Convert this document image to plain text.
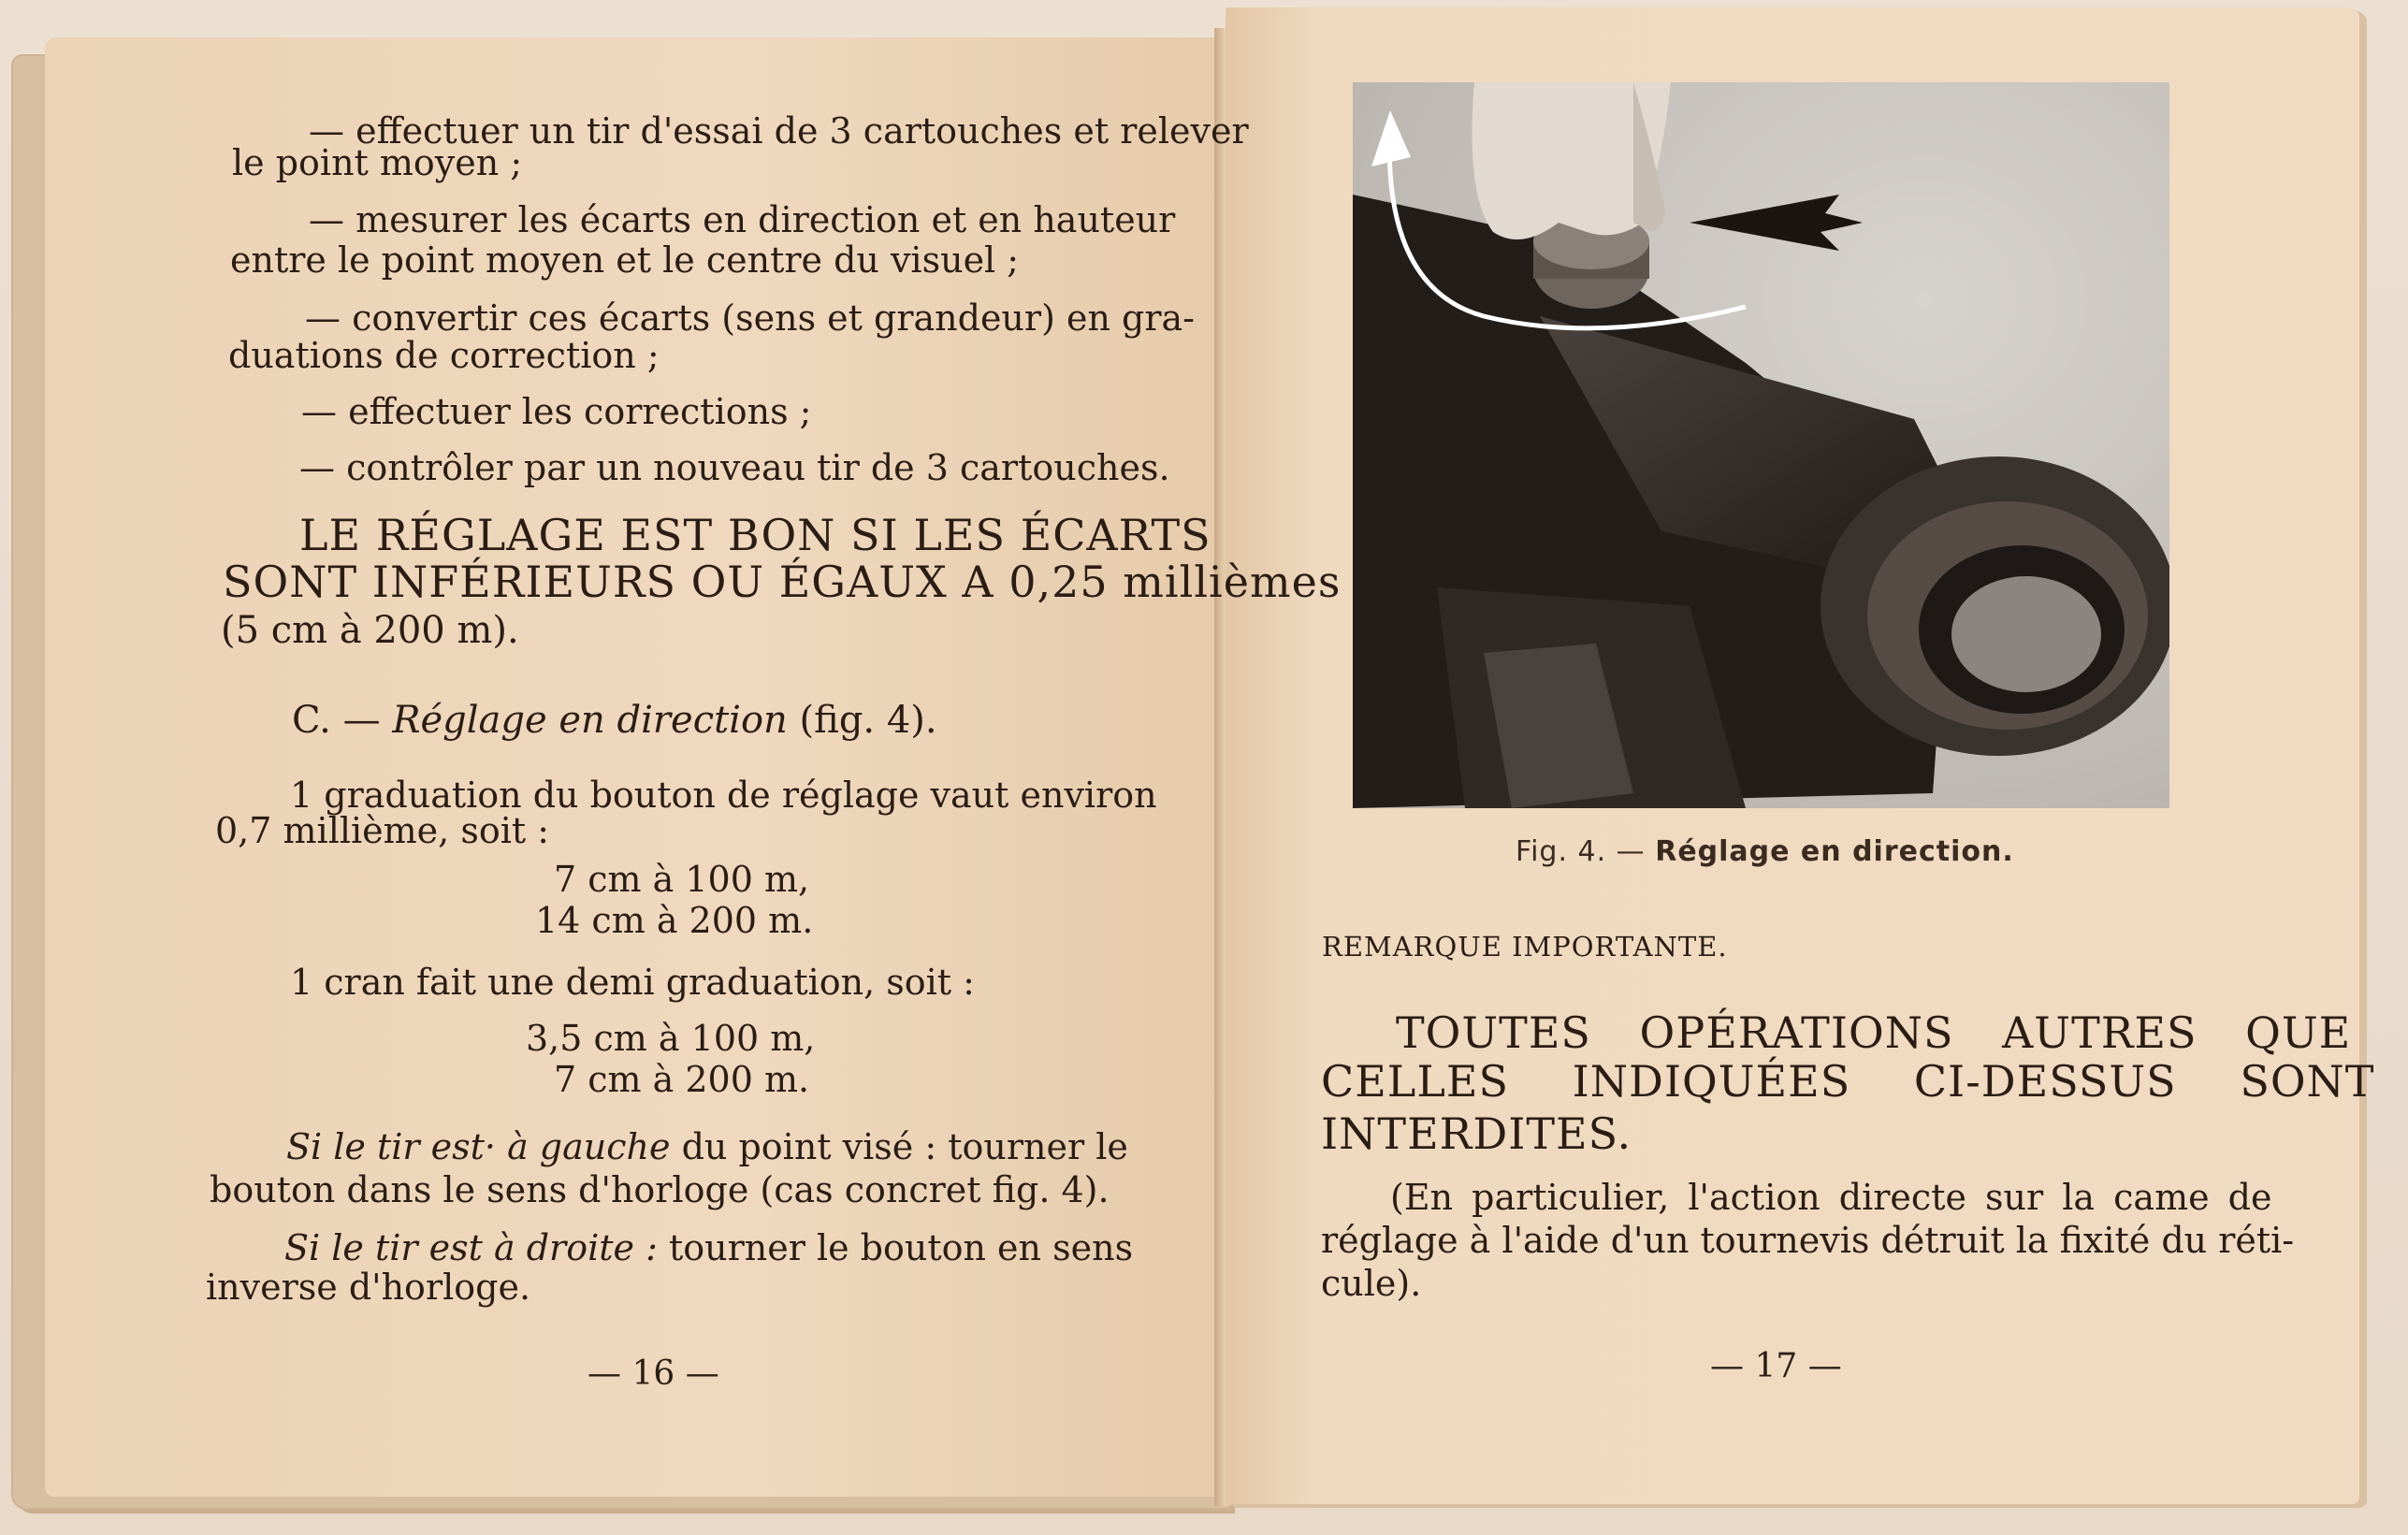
— effectuer un tir d'essai de 3 cartouches et relever
le point moyen ;
— mesurer les écarts en direction et en hauteur
entre le point moyen et le centre du visuel ;
— convertir ces écarts (sens et grandeur) en gra-
duations de correction ;
— effectuer les corrections ;
— contrôler par un nouveau tir de 3 cartouches.
LE RÉGLAGE EST BON SI LES ÉCARTS
SONT INFÉRIEURS OU ÉGAUX A 0,25 millièmes
(5 cm à 200 m).
C. — Réglage en direction (fig. 4).
1 graduation du bouton de réglage vaut environ
0,7 millième, soit :
7 cm à 100 m,
14 cm à 200 m.
1 cran fait une demi graduation, soit :
3,5 cm à 100 m,
7 cm à 200 m.
Si le tir est· à gauche du point visé : tourner le
bouton dans le sens d'horloge (cas concret fig. 4).
Si le tir est à droite : tourner le bouton en sens
inverse d'horloge.
— 16 —
Fig. 4. — Réglage en direction.
REMARQUE IMPORTANTE.
TOUTES OPÉRATIONS AUTRES QUE
CELLES INDIQUÉES CI-DESSUS SONT
INTERDITES.
(En particulier, l'action directe sur la came de
réglage à l'aide d'un tournevis détruit la fixité du réti-
cule).
— 17 —
